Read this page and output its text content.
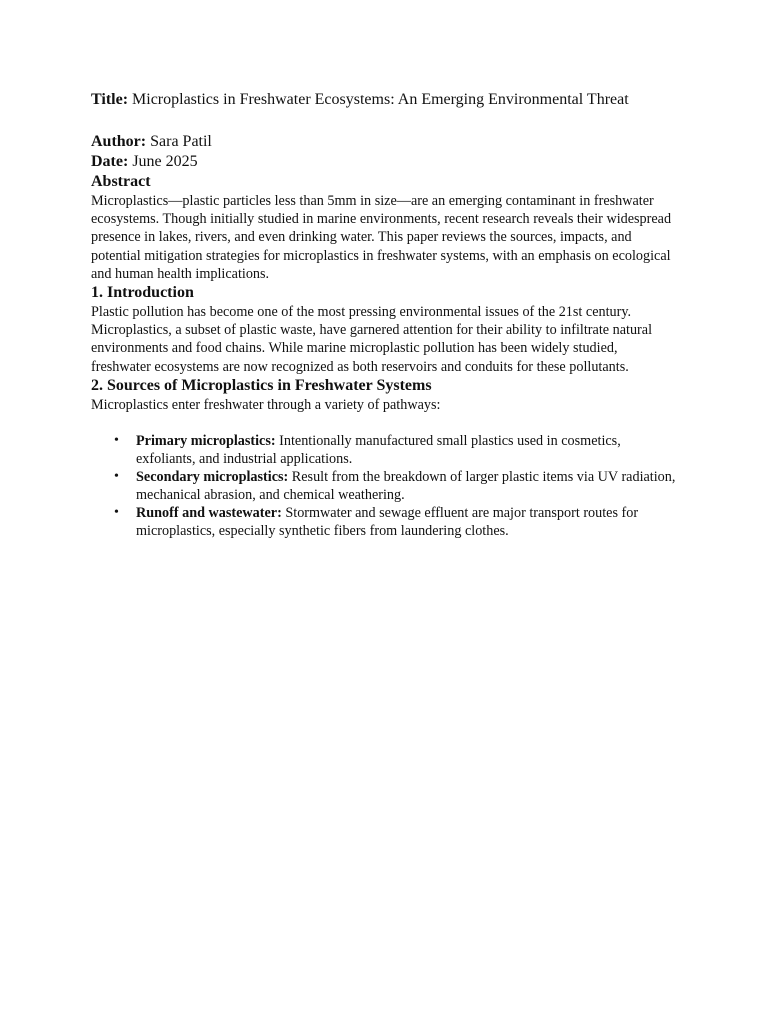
Title: Microplastics in Freshwater Ecosystems: An Emerging Environmental Threat

Author: Sara Patil

Date: June 2025

Abstract

Microplastics—plastic particles less than 5mm in size—are an emerging contaminant in freshwater ecosystems. Though initially studied in marine environments, recent research reveals their widespread presence in lakes, rivers, and even drinking water. This paper reviews the sources, impacts, and potential mitigation strategies for microplastics in freshwater systems, with an emphasis on ecological and human health implications.

1. Introduction

Plastic pollution has become one of the most pressing environmental issues of the 21st century. Microplastics, a subset of plastic waste, have garnered attention for their ability to infiltrate natural environments and food chains. While marine microplastic pollution has been widely studied, freshwater ecosystems are now recognized as both reservoirs and conduits for these pollutants.

2. Sources of Microplastics in Freshwater Systems

Microplastics enter freshwater through a variety of pathways:

• Primary microplastics: Intentionally manufactured small plastics used in cosmetics, exfoliants, and industrial applications.
• Secondary microplastics: Result from the breakdown of larger plastic items via UV radiation, mechanical abrasion, and chemical weathering.
• Runoff and wastewater: Stormwater and sewage effluent are major transport routes for microplastics, especially synthetic fibers from laundering clothes.
